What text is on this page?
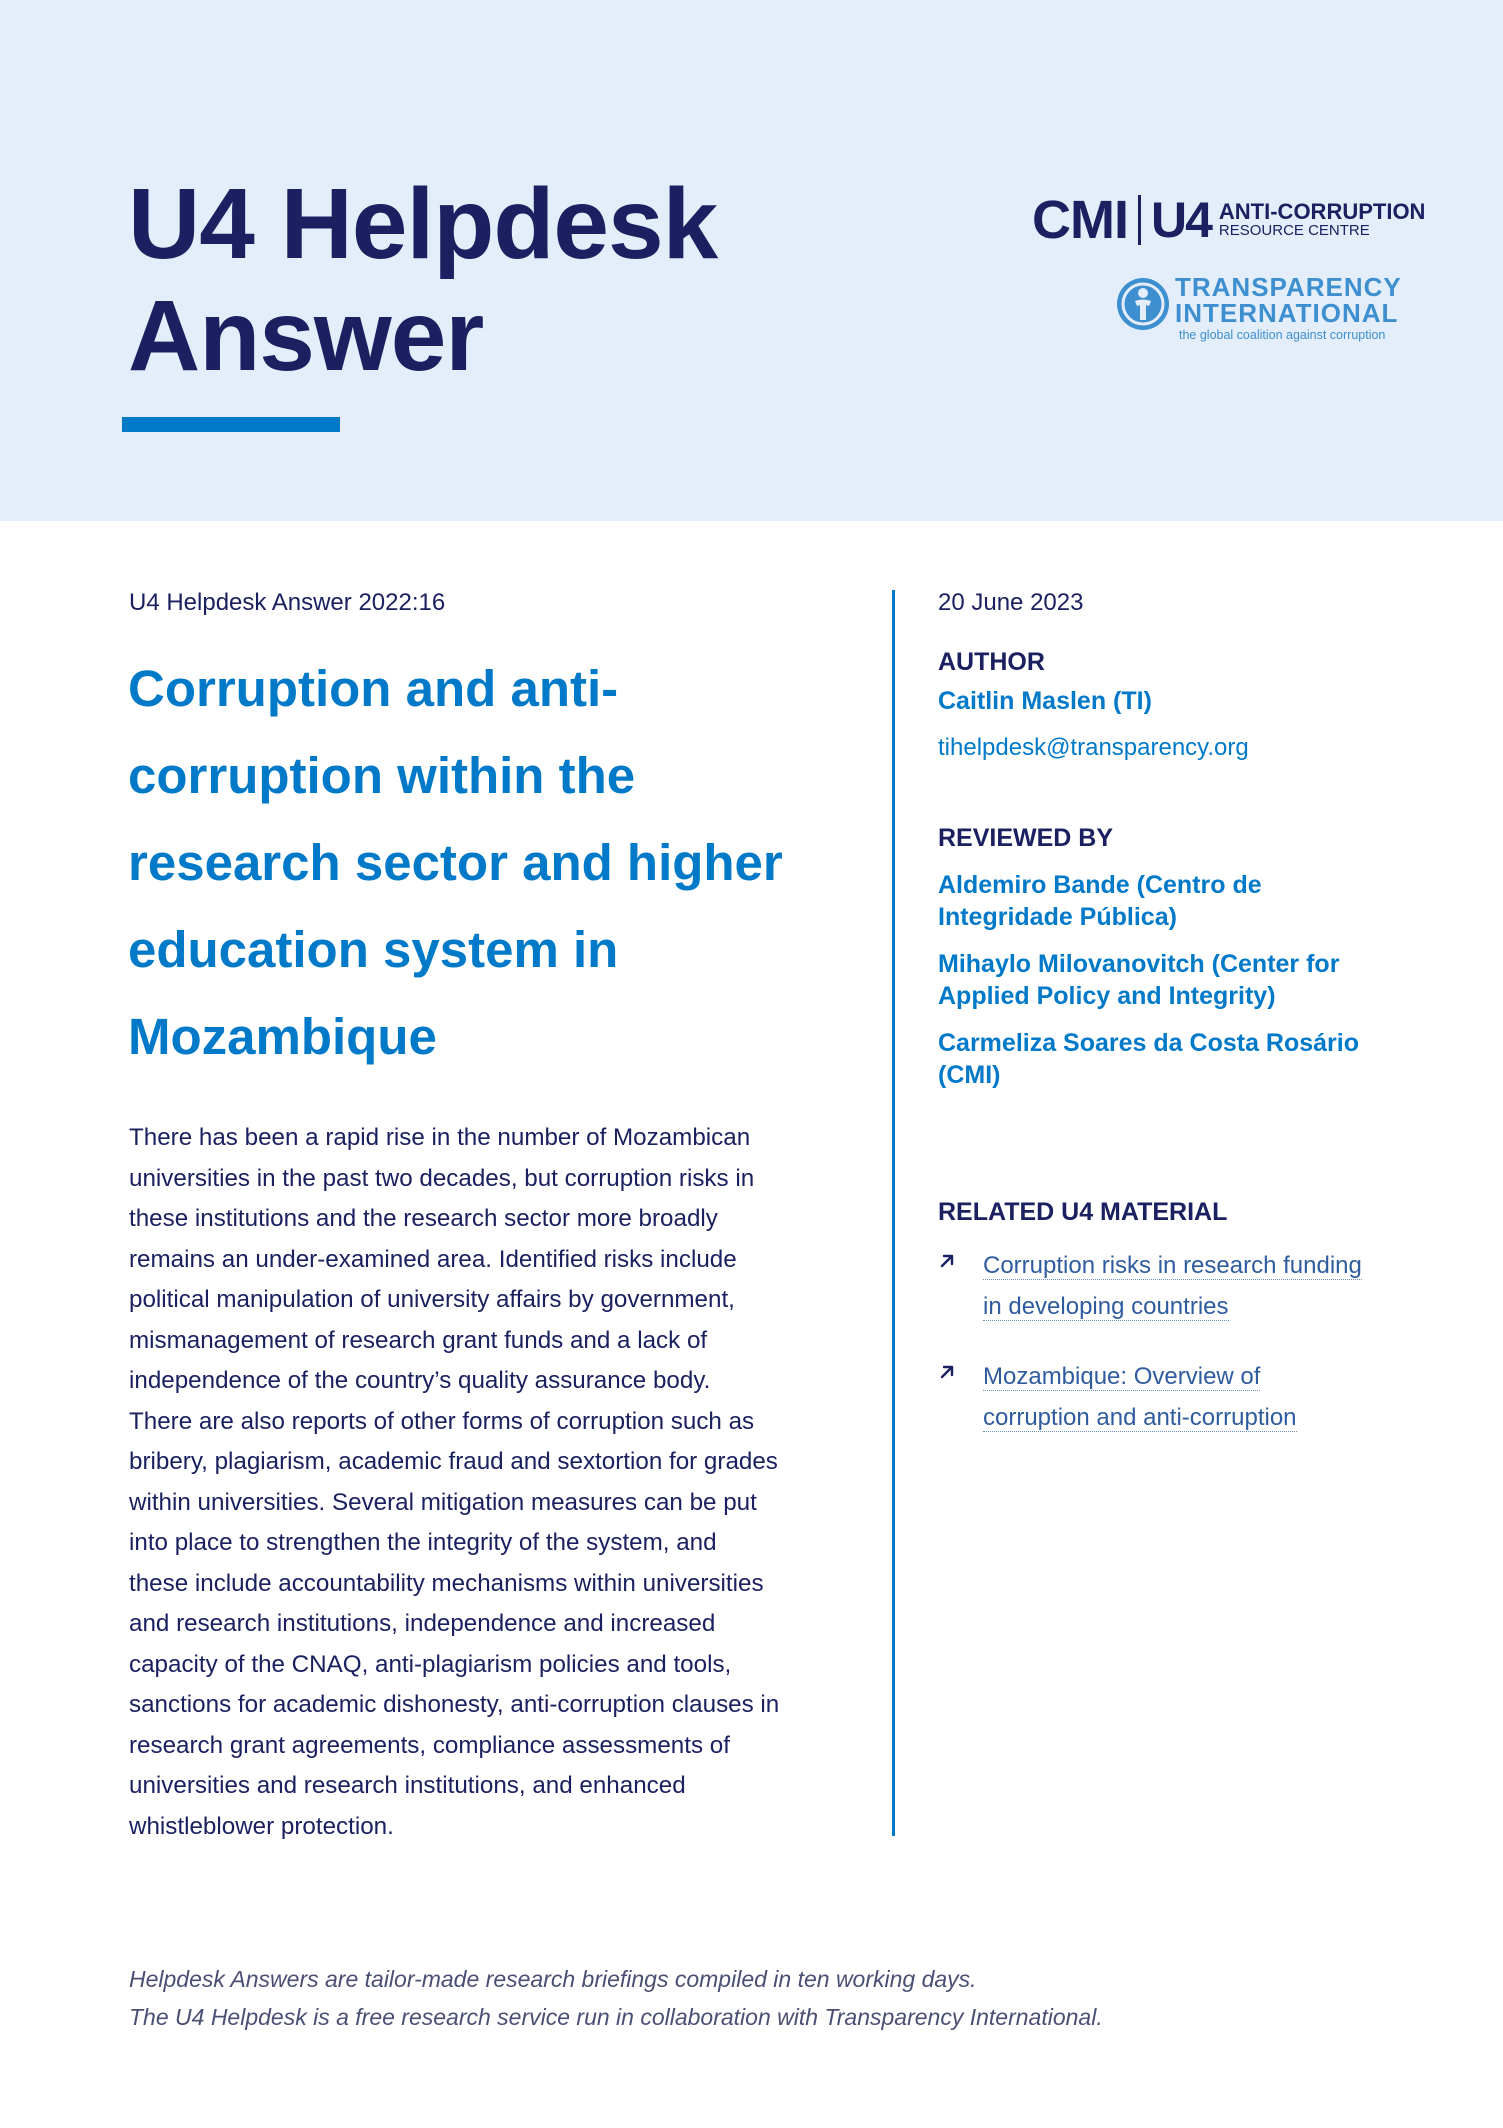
U4 Helpdesk
Answer
CMI U4 ANTI-CORRUPTION
RESOURCE CENTRE
TRANSPARENCY
INTERNATIONAL
the global coalition against corruption
U4 Helpdesk Answer 2022:16
Corruption and anti-
corruption within the
research sector and higher
education system in
Mozambique
There has been a rapid rise in the number of Mozambican
universities in the past two decades, but corruption risks in
these institutions and the research sector more broadly
remains an under-examined area. Identified risks include
political manipulation of university affairs by government,
mismanagement of research grant funds and a lack of
independence of the country’s quality assurance body.
There are also reports of other forms of corruption such as
bribery, plagiarism, academic fraud and sextortion for grades
within universities. Several mitigation measures can be put
into place to strengthen the integrity of the system, and
these include accountability mechanisms within universities
and research institutions, independence and increased
capacity of the CNAQ, anti-plagiarism policies and tools,
sanctions for academic dishonesty, anti-corruption clauses in
research grant agreements, compliance assessments of
universities and research institutions, and enhanced
whistleblower protection.
20 June 2023
AUTHOR
Caitlin Maslen (TI)
tihelpdesk@transparency.org
REVIEWED BY
Aldemiro Bande (Centro de
Integridade Pública)
Mihaylo Milovanovitch (Center for
Applied Policy and Integrity)
Carmeliza Soares da Costa Rosário
(CMI)
RELATED U4 MATERIAL
Corruption risks in research funding
in developing countries
Mozambique: Overview of
corruption and anti-corruption
Helpdesk Answers are tailor-made research briefings compiled in ten working days.
The U4 Helpdesk is a free research service run in collaboration with Transparency International.
